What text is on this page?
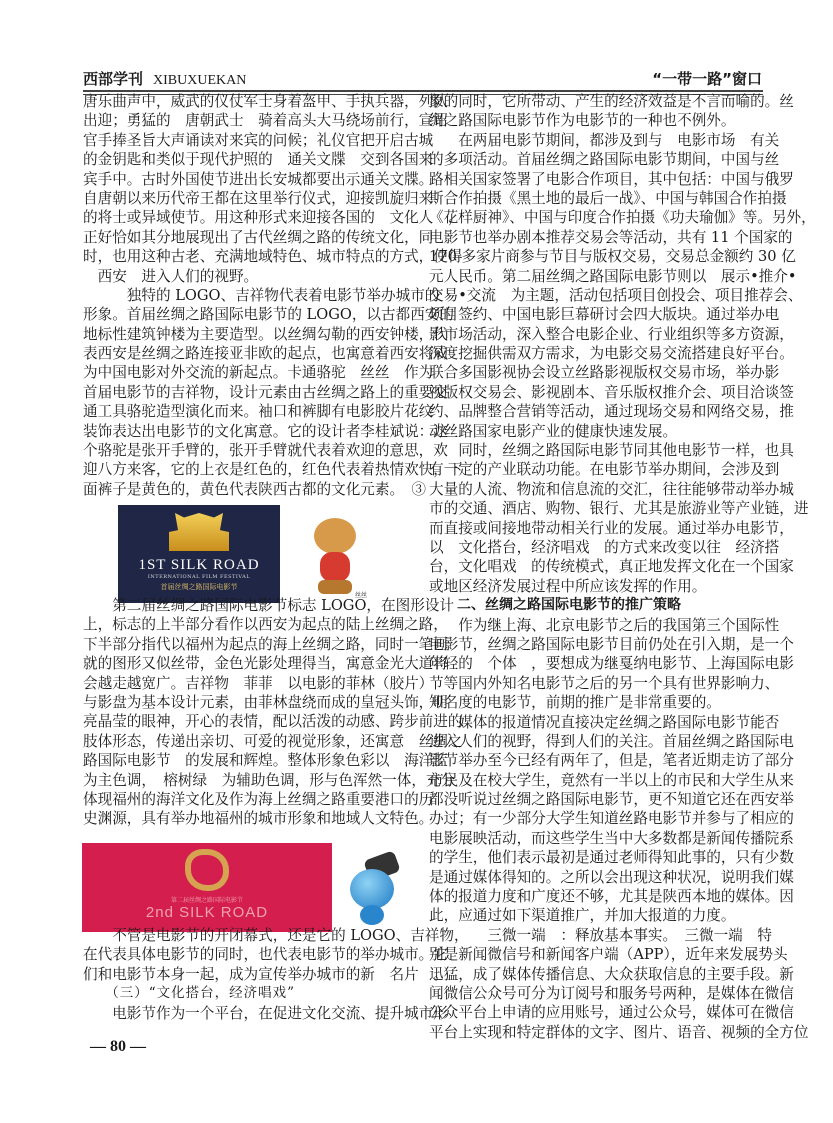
西部学刊 XIBUXUEKAN	“一带一路”窗口
唐乐曲声中，威武的仪仗军士身着盔甲、手执兵器，列队
出迎；勇猛的　唐朝武士　骑着高头大马绕场前行，宣诏
官手捧圣旨大声诵读对来宾的问候；礼仪官把开启古城
的金钥匙和类似于现代护照的　通关文牒　交到各国来
宾手中。古时外国使节进出长安城都要出示通关文牒。
自唐朝以来历代帝王都在这里举行仪式，迎接凯旋归来
的将士或异域使节。用这种形式来迎接各国的　文化人　，
正好恰如其分地展现出了古代丝绸之路的传统文化，同
时，也用这种古老、充满地域特色、城市特点的方式，使得
　西安　进入人们的视野。
　　　独特的 LOGO、吉祥物代表着电影节举办城市的
形象。首届丝绸之路国际电影节的 LOGO，以古都西安的
地标性建筑钟楼为主要造型。以丝绸勾勒的西安钟楼，代
表西安是丝绸之路连接亚非欧的起点，也寓意着西安将成
为中国电影对外交流的新起点。卡通骆驼　丝丝　作为
首届电影节的吉祥物，设计元素由古丝绸之路上的重要交
通工具骆驼造型演化而来。袖口和裤脚有电影胶片花纹
装饰表达出电影节的文化寓意。它的设计者李桂斌说：这
个骆驼是张开手臂的，张开手臂就代表着欢迎的意思，欢
迎八方来客，它的上衣是红色的，红色代表着热情欢快，下
面裤子是黄色的，黄色代表陕西古都的文化元素。　③
1ST SILK ROAD
INTERNATIONAL FILM FESTIVAL
首届丝绸之路国际电影节
丝丝
　　第二届丝绸之路国际电影节标志 LOGO，在图形设计
上，标志的上半部分看作以西安为起点的陆上丝绸之路，
下半部分指代以福州为起点的海上丝绸之路，同时一笔画
就的图形又似丝带，金色光影处理得当，寓意金光大道将
会越走越宽广。吉祥物　菲菲　以电影的菲林（胶片）
与影盘为基本设计元素，由菲林盘绕而成的皇冠头饰，明
亮晶莹的眼神，开心的表情，配以活泼的动感、跨步前进的
肢体形态，传递出亲切、可爱的视觉形象，还寓意　丝绸之
路国际电影节　的发展和辉煌。整体形象色彩以　海洋蓝
为主色调，　榕树绿　为辅助色调，形与色浑然一体，充分
体现福州的海洋文化及作为海上丝绸之路重要港口的历
史渊源，具有举办地福州的城市形象和地域人文特色。
第二届丝绸之路国际电影节
2nd SILK ROAD
　　不管是电影节的开闭幕式，还是它的 LOGO、吉祥物，
在代表具体电影节的同时，也代表电影节的举办城市。它
们和电影节本身一起，成为宣传举办城市的新　名片　。
　　（三）“文化搭台，经济唱戏”
　　电影节作为一个平台，在促进文化交流、提升城市形
象的同时，它所带动、产生的经济效益是不言而喻的。丝
绸之路国际电影节作为电影节的一种也不例外。
　　在两届电影节期间，都涉及到与　电影市场　有关
的多项活动。首届丝绸之路国际电影节期间，中国与丝
路相关国家签署了电影合作项目，其中包括：中国与俄罗
斯合作拍摄《黑土地的最后一战》、中国与韩国合作拍摄
《花样厨神》、中国与印度合作拍摄《功夫瑜伽》等。另外，
电影节也举办剧本推荐交易会等活动，共有 11 个国家的
170 多家片商参与节目与版权交易，交易总金额约 30 亿
元人民币。第二届丝绸之路国际电影节则以　展示•推介•
交易•交流　为主题，活动包括项目创投会、项目推荐会、
项目签约、中国电影巨幕研讨会四大版块。通过举办电
影市场活动，深入整合电影企业、行业组织等多方资源，
深度挖掘供需双方需求，为电影交易交流搭建良好平台。
联合多国影视协会设立丝路影视版权交易市场，举办影
视版权交易会、影视剧本、音乐版权推介会、项目洽谈签
约、品牌整合营销等活动，通过现场交易和网络交易，推
动丝路国家电影产业的健康快速发展。
　　同时，丝绸之路国际电影节同其他电影节一样，也具
有一定的产业联动功能。在电影节举办期间，会涉及到
大量的人流、物流和信息流的交汇，往往能够带动举办城
市的交通、酒店、购物、银行、尤其是旅游业等产业链，进
而直接或间接地带动相关行业的发展。通过举办电影节，
以　文化搭台，经济唱戏　的方式来改变以往　经济搭
台，文化唱戏　的传统模式，真正地发挥文化在一个国家
或地区经济发展过程中所应该发挥的作用。
　　二、丝绸之路国际电影节的推广策略
　　作为继上海、北京电影节之后的我国第三个国际性
电影节，丝绸之路国际电影节目前仍处在引入期，是一个
年轻的　个体　，要想成为继戛纳电影节、上海国际电影
节等国内外知名电影节之后的另一个具有世界影响力、
知名度的电影节，前期的推广是非常重要的。
　　媒体的报道情况直接决定丝绸之路国际电影节能否
进入人们的视野，得到人们的关注。首届丝绸之路国际电
影节举办至今已经有两年了，但是，笔者近期走访了部分
市民及在校大学生，竟然有一半以上的市民和大学生从来
都没听说过丝绸之路国际电影节，更不知道它还在西安举
办过；有一少部分大学生知道丝路电影节并参与了相应的
电影展映活动，而这些学生当中大多数都是新闻传播院系
的学生，他们表示最初是通过老师得知此事的，只有少数
是通过媒体得知的。之所以会出现这种状况，说明我们媒
体的报道力度和广度还不够，尤其是陕西本地的媒体。因
此，应通过如下渠道推广，并加大报道的力度。
　　　　三微一端　：释放基本事实。　三微一端　特
别是新闻微信号和新闻客户端（APP），近年来发展势头
迅猛，成了媒体传播信息、大众获取信息的主要手段。新
闻微信公众号可分为订阅号和服务号两种，是媒体在微信
公众平台上申请的应用账号，通过公众号，媒体可在微信
平台上实现和特定群体的文字、图片、语音、视频的全方位
— 80 —
